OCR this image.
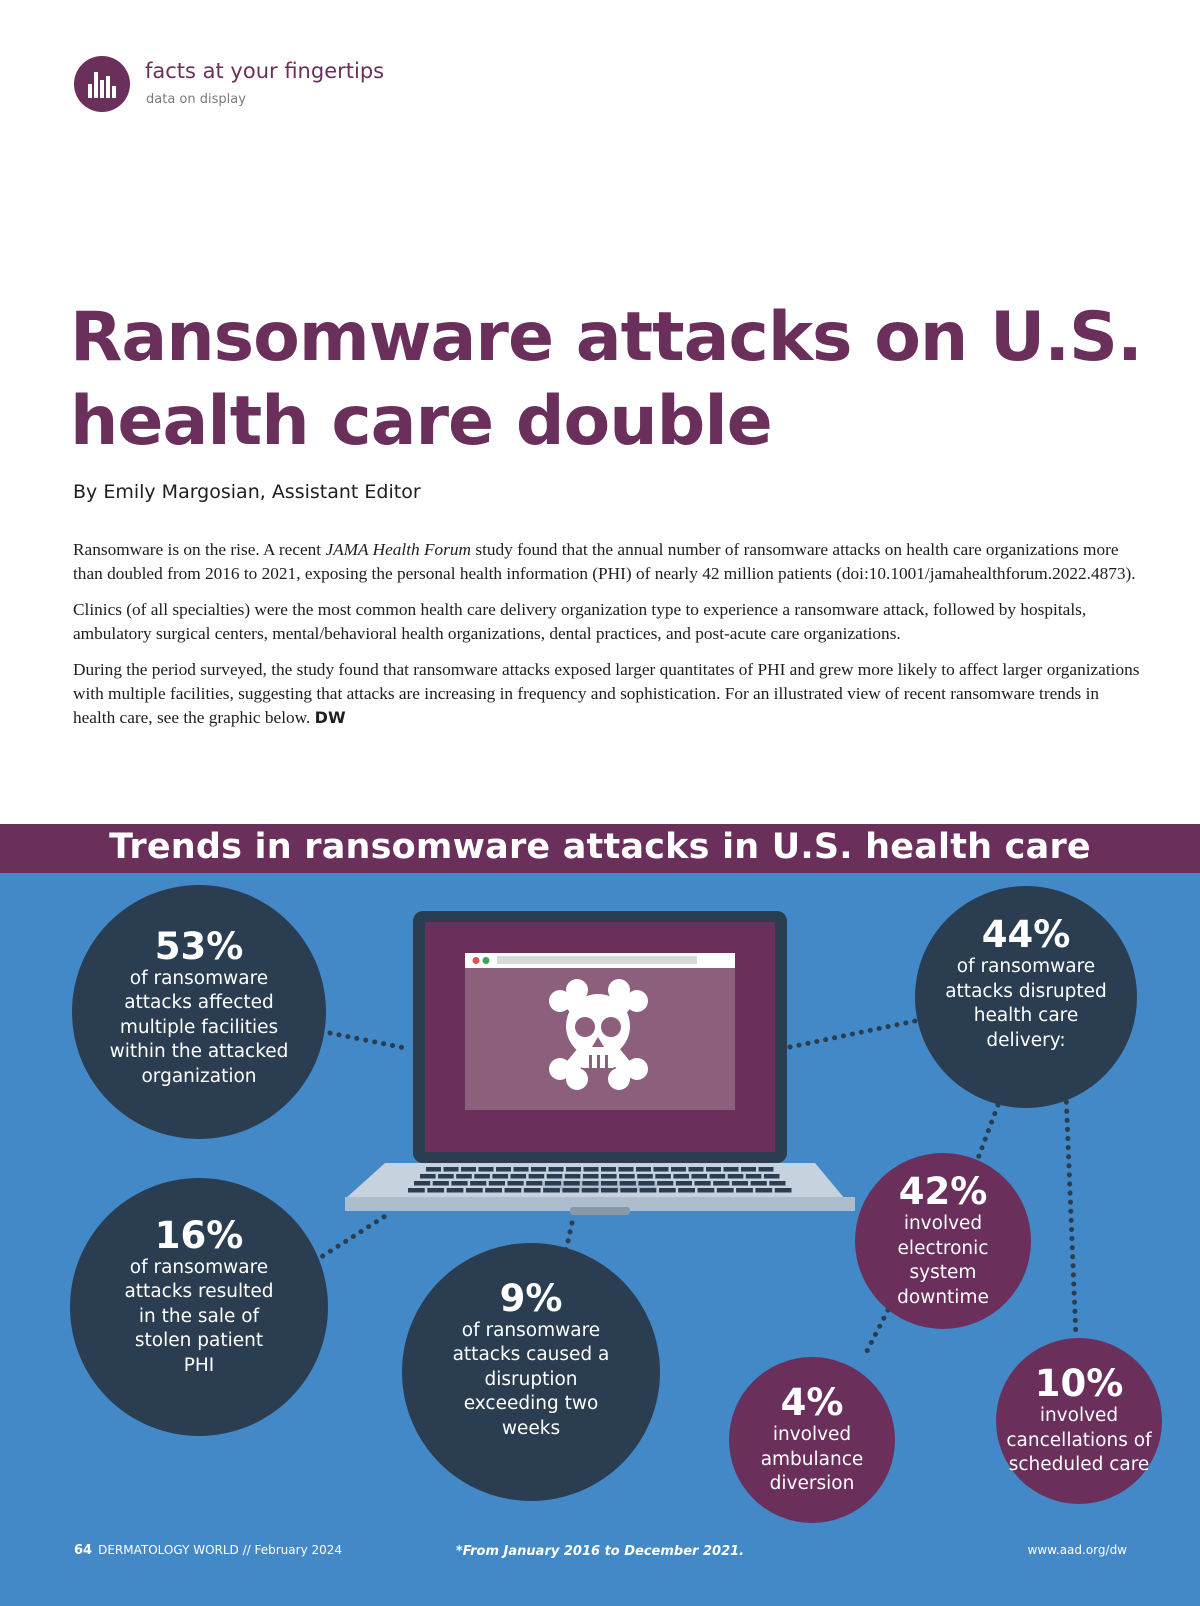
facts at your fingertips
data on display
Ransomware attacks on U.S. health care double
By Emily Margosian, Assistant Editor

Ransomware is on the rise. A recent JAMA Health Forum study found that the annual number of ransomware attacks on health care organizations more than doubled from 2016 to 2021, exposing the personal health information (PHI) of nearly 42 million patients (doi:10.1001/jamahealthforum.2022.4873).

Clinics (of all specialties) were the most common health care delivery organization type to experience a ransomware attack, followed by hospitals, ambulatory surgical centers, mental/behavioral health organizations, dental practices, and post-acute care organizations.

During the period surveyed, the study found that ransomware attacks exposed larger quantitates of PHI and grew more likely to affect larger organizations with multiple facilities, suggesting that attacks are increasing in frequency and sophistication. For an illustrated view of recent ransomware trends in health care, see the graphic below. DW

Trends in ransomware attacks in U.S. health care
53%
of ransomware attacks affected multiple facilities within the attacked organization
44%
of ransomware attacks disrupted health care delivery:
16%
of ransomware attacks resulted in the sale of stolen patient PHI
9%
of ransomware attacks caused a disruption exceeding two weeks
42%
involved electronic system downtime
4%
involved ambulance diversion
10%
involved cancellations of scheduled care
64 DERMATOLOGY WORLD // February 2024	*From January 2016 to December 2021.	www.aad.org/dw
